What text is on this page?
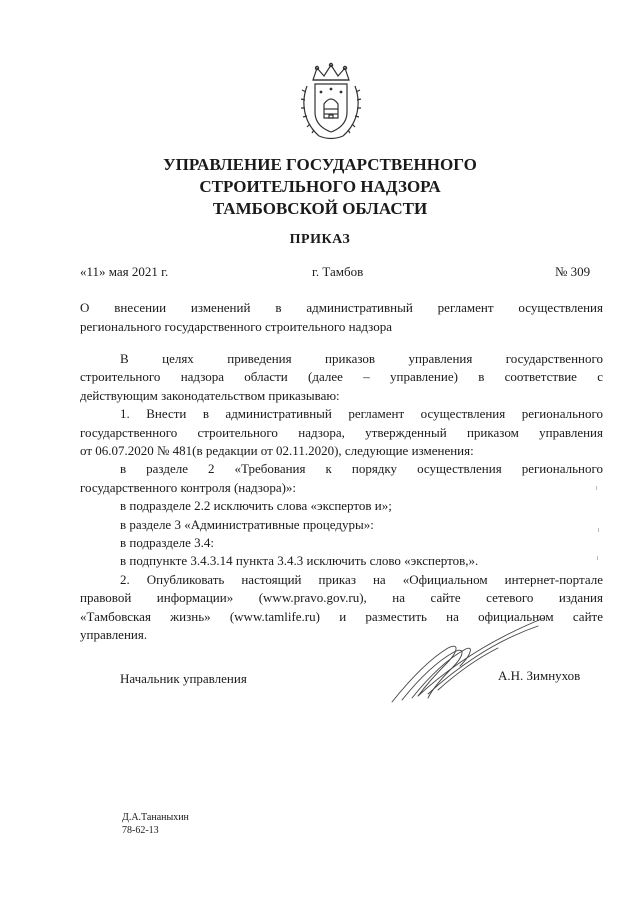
УПРАВЛЕНИЕ ГОСУДАРСТВЕННОГО
СТРОИТЕЛЬНОГО НАДЗОРА
ТАМБОВСКОЙ ОБЛАСТИ
ПРИКАЗ
«11» мая 2021 г.	г. Тамбов	№ 309
О внесении изменений в административный регламент осуществления
регионального государственного строительного надзора
В целях приведения приказов управления государственного
строительного надзора области (далее – управление) в соответствие с
действующим законодательством приказываю:
1. Внести в административный регламент осуществления регионального
государственного строительного надзора, утвержденный приказом управления
от 06.07.2020 № 481(в редакции от 02.11.2020), следующие изменения:
в разделе 2 «Требования к порядку осуществления регионального
государственного контроля (надзора)»:
в подразделе 2.2 исключить слова «экспертов и»;
в разделе 3 «Административные процедуры»:
в подразделе 3.4:
в подпункте 3.4.3.14 пункта 3.4.3 исключить слово «экспертов,».
2. Опубликовать настоящий приказ на «Официальном интернет-портале
правовой информации» (www.pravo.gov.ru), на сайте сетевого издания
«Тамбовская жизнь» (www.tamlife.ru) и разместить на официальном сайте
управления.
Начальник управления	А.Н. Зимнухов
Д.А.Тананыхин
78-62-13
